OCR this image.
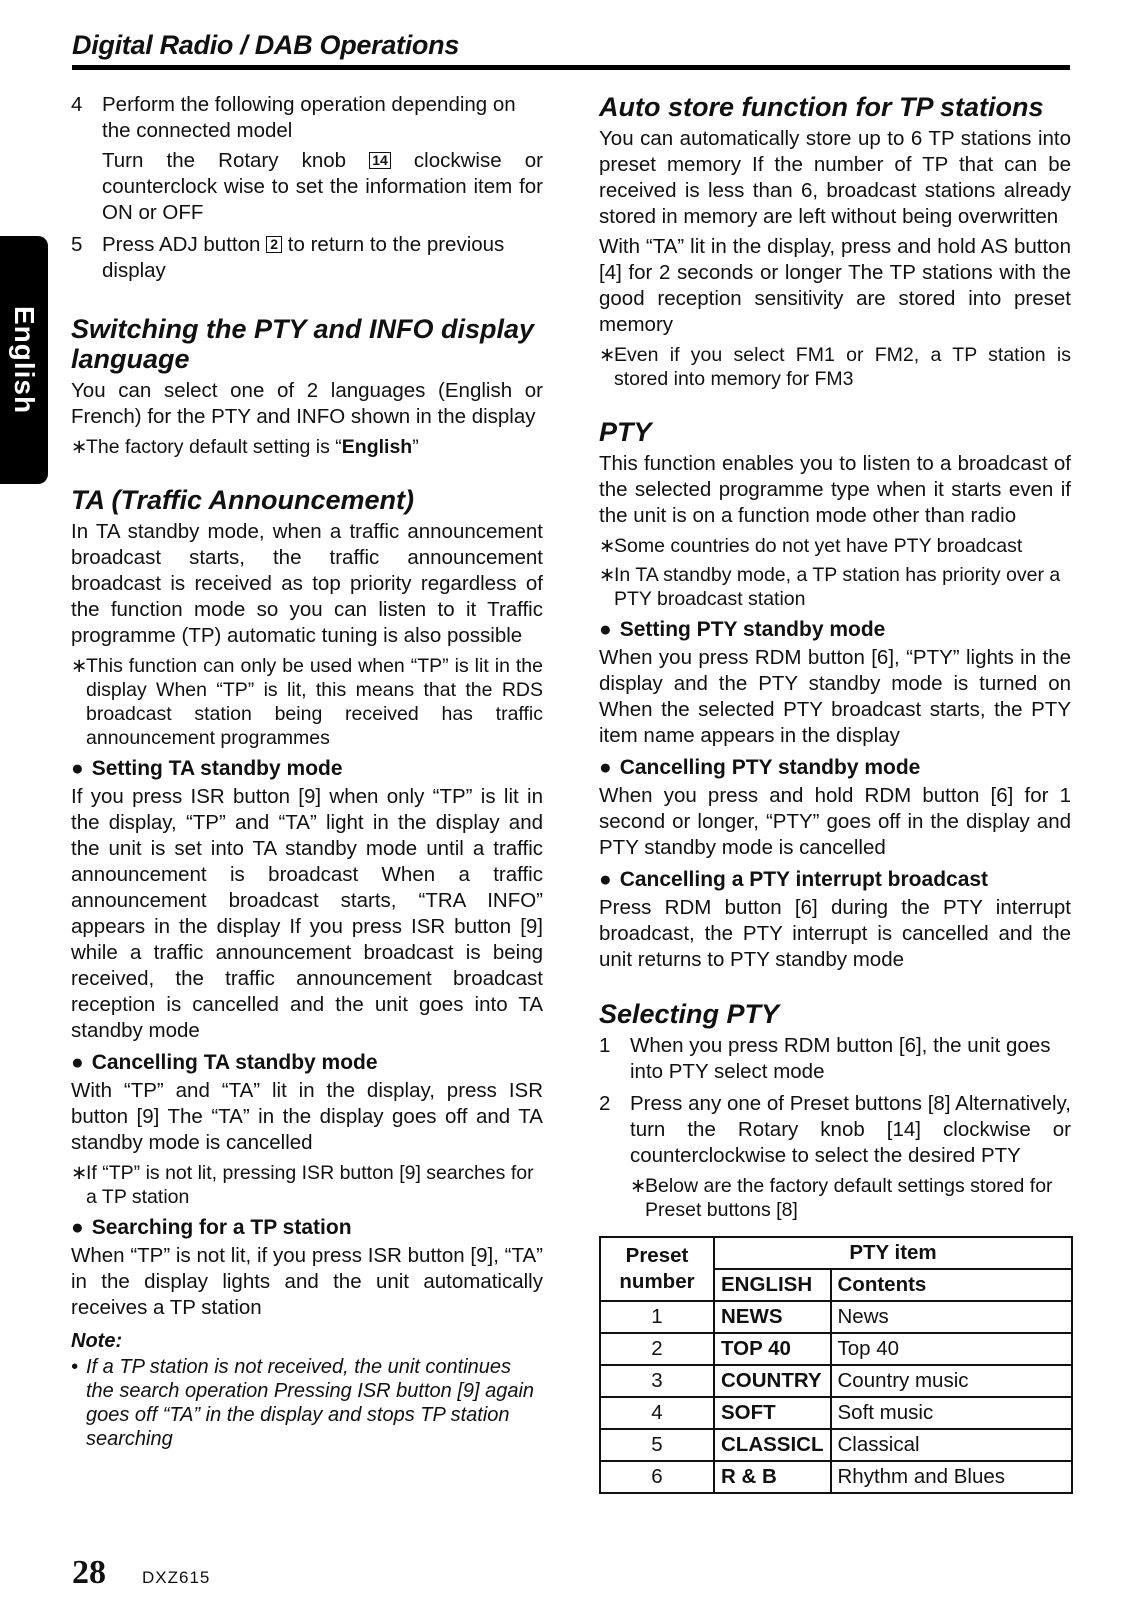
Digital Radio / DAB Operations
English
4 Perform the following operation depending on the connected model

Turn the Rotary knob 14 clockwise or counterclock wise to set the information item for ON or OFF

5 Press ADJ button 2 to return to the previous display

Switching the PTY and INFO display language

You can select one of 2 languages (English or French) for the PTY and INFO shown in the display

∗
The factory default setting is “English”
TA (Traffic Announcement)

In TA standby mode, when a traffic announcement broadcast starts, the traffic announcement broadcast is received as top priority regardless of the function mode so you can listen to it Traffic programme (TP) automatic tuning is also possible

∗
This function can only be used when “TP” is lit in the display When “TP” is lit, this means that the RDS broadcast station being received has traffic announcement programmes
● Setting TA standby mode

If you press ISR button [9] when only “TP” is lit in the display, “TP” and “TA” light in the display and the unit is set into TA standby mode until a traffic announcement is broadcast When a traffic announcement broadcast starts, “TRA INFO” appears in the display If you press ISR button [9] while a traffic announcement broadcast is being received, the traffic announcement broadcast reception is cancelled and the unit goes into TA standby mode

● Cancelling TA standby mode

With “TP” and “TA” lit in the display, press ISR button [9] The “TA” in the display goes off and TA standby mode is cancelled

∗
If “TP” is not lit, pressing ISR button [9] searches for a TP station
● Searching for a TP station

When “TP” is not lit, if you press ISR button [9], “TA” in the display lights and the unit automatically receives a TP station

Note:

• If a TP station is not received, the unit continues the search operation Pressing ISR button [9] again goes off “TA” in the display and stops TP station searching
Auto store function for TP stations

You can automatically store up to 6 TP stations into preset memory If the number of TP that can be received is less than 6, broadcast stations already stored in memory are left without being overwritten

With “TA” lit in the display, press and hold AS button [4] for 2 seconds or longer The TP stations with the good reception sensitivity are stored into preset memory

∗
Even if you select FM1 or FM2, a TP station is stored into memory for FM3
PTY

This function enables you to listen to a broadcast of the selected programme type when it starts even if the unit is on a function mode other than radio

∗
Some countries do not yet have PTY broadcast
∗
In TA standby mode, a TP station has priority over a PTY broadcast station
● Setting PTY standby mode

When you press RDM button [6], “PTY” lights in the display and the PTY standby mode is turned on When the selected PTY broadcast starts, the PTY item name appears in the display

● Cancelling PTY standby mode

When you press and hold RDM button [6] for 1 second or longer, “PTY” goes off in the display and PTY standby mode is cancelled

● Cancelling a PTY interrupt broadcast

Press RDM button [6] during the PTY interrupt broadcast, the PTY interrupt is cancelled and the unit returns to PTY standby mode

Selecting PTY
1 When you press RDM button [6], the unit goes into PTY select mode
2 Press any one of Preset buttons [8] Alternatively, turn the Rotary knob [14] clockwise or counterclockwise to select the desired PTY

∗
Below are the factory default settings stored for Preset buttons [8]
Preset number	PTY item	
	ENGLISH	Contents
1	NEWS	News
2	TOP 40	Top 40
3	COUNTRY	Country music
4	SOFT	Soft music
5	CLASSICL	Classical
6	R & B	Rhythm and Blues
28 DXZ615
